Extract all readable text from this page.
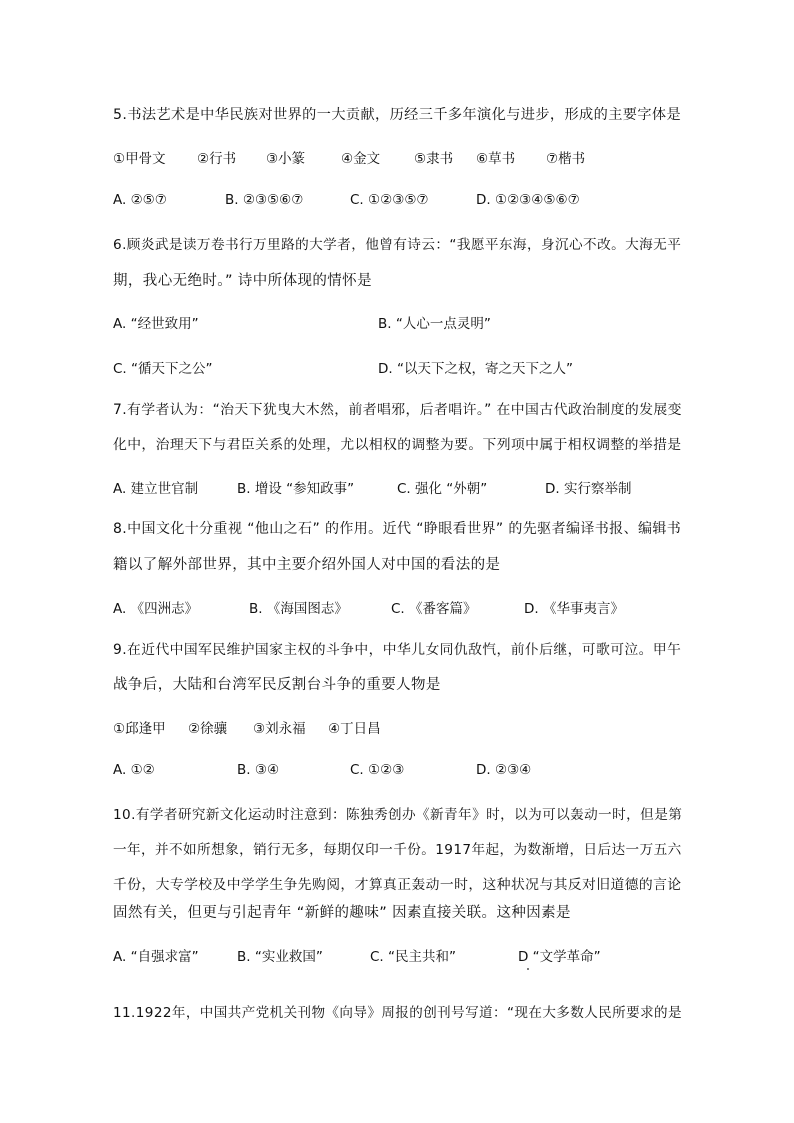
5.书法艺术是中华民族对世界的一大贡献，历经三千多年演化与进步，形成的主要字体是
①甲骨文 ②行书 ③小篆	④金文	⑤隶书 ⑥草书 ⑦楷书
A. ②⑤⑦	B. ②③⑤⑥⑦	C. ①②③⑤⑦	D. ①②③④⑤⑥⑦
6.顾炎武是读万卷书行万里路的大学者，他曾有诗云：“我愿平东海，身沉心不改。大海无平
期，我心无绝时。” 诗中所体现的情怀是
A. “经世致用”	B. “人心一点灵明”
C. “循天下之公”	D. “以天下之权，寄之天下之人”
7.有学者认为：“治天下犹曳大木然，前者唱邪，后者唱许。” 在中国古代政治制度的发展变
化中，治理天下与君臣关系的处理，尤以相权的调整为要。下列项中属于相权调整的举措是
A. 建立世官制	B. 增设 “参知政事”	C. 强化 “外朝”	D. 实行察举制
8.中国文化十分重视 “他山之石” 的作用。近代 “睁眼看世界” 的先驱者编译书报、编辑书
籍以了解外部世界，其中主要介绍外国人对中国的看法的是
A. 《四洲志》	B. 《海国图志》	C. 《番客篇》	D. 《华事夷言》
9.在近代中国军民维护国家主权的斗争中，中华儿女同仇敌忾，前仆后继，可歌可泣。甲午
战争后，大陆和台湾军民反割台斗争的重要人物是
①邱逢甲 ②徐骧 ③刘永福 ④丁日昌
A. ①②	B. ③④	C. ①②③	D. ②③④
10.有学者研究新文化运动时注意到：陈独秀创办《新青年》时，以为可以轰动一时，但是第
一年，并不如所想象，销行无多，每期仅印一千份。1917年起，为数渐增，日后达一万五六
千份，大专学校及中学学生争先购阅，才算真正轰动一时，这种状况与其反对旧道德的言论
固然有关，但更与引起青年 “新鲜的趣味” 因素直接关联。这种因素是
A. “自强求富”	B. “实业救国”	C. “民主共和”	D “文学革命”
11.1922年，中国共产党机关刊物《向导》周报的创刊号写道：“现在大多数人民所要求的是
